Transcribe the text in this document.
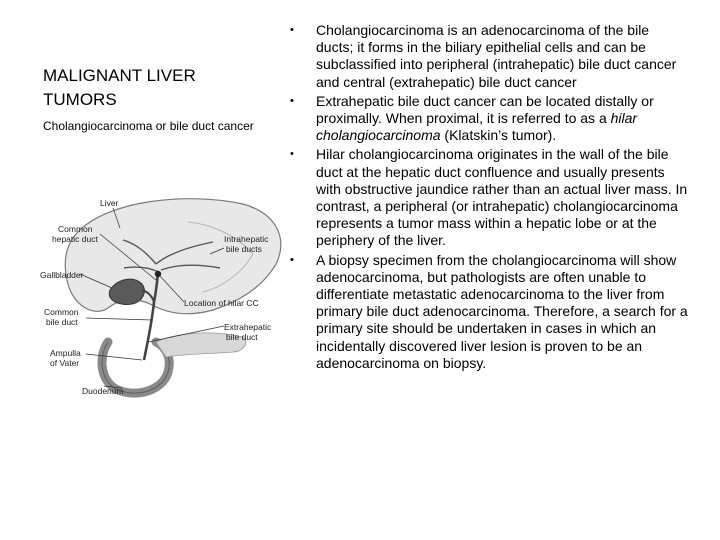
MALIGNANT LIVER TUMORS
Cholangiocarcinoma or bile duct cancer
Liver
Common hepatic duct	Intrahepatic bile ducts
Gallbladder
Location of hilar CC
Common bile duct	Extrahepatic bile duct
Ampulla of Vater
Duodenum
•	Cholangiocarcinoma is an adenocarcinoma of the bile ducts; it forms in the biliary epithelial cells and can be subclassified into peripheral (intrahepatic) bile duct cancer and central (extrahepatic) bile duct cancer
•	Extrahepatic bile duct cancer can be located distally or proximally. When proximal, it is referred to as a hilar cholangiocarcinoma (Klatskin’s tumor).
•	Hilar cholangiocarcinoma originates in the wall of the bile duct at the hepatic duct confluence and usually presents with obstructive jaundice rather than an actual liver mass. In contrast, a peripheral (or intrahepatic) cholangiocarcinoma represents a tumor mass within a hepatic lobe or at the periphery of the liver.
•	A biopsy specimen from the cholangiocarcinoma will show adenocarcinoma, but pathologists are often unable to differentiate metastatic adenocarcinoma to the liver from primary bile duct adenocarcinoma. Therefore, a search for a primary site should be undertaken in cases in which an incidentally discovered liver lesion is proven to be an adenocarcinoma on biopsy.
